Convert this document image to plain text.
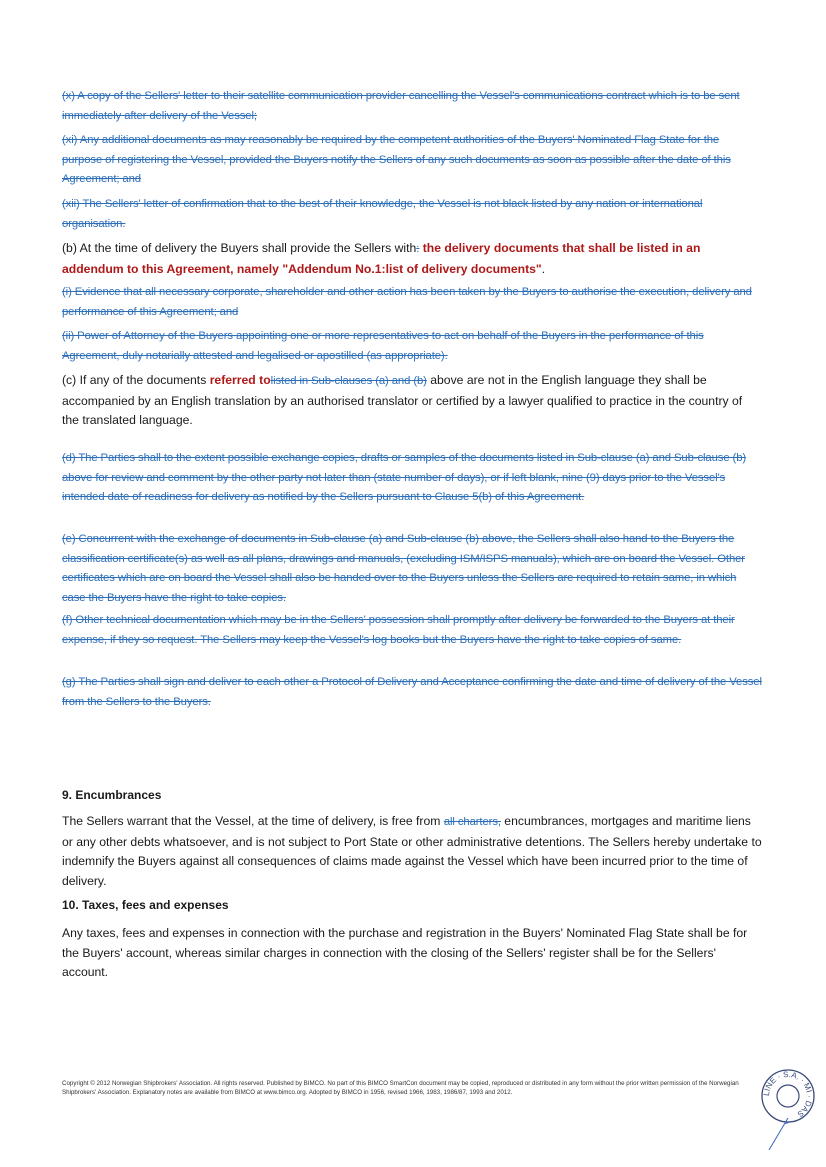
(x) A copy of the Sellers' letter to their satellite communication provider cancelling the Vessel's communications contract which is to be sent immediately after delivery of the Vessel;

(xi) Any additional documents as may reasonably be required by the competent authorities of the Buyers' Nominated Flag State for the purpose of registering the Vessel, provided the Buyers notify the Sellers of any such documents as soon as possible after the date of this Agreement; and

(xii) The Sellers' letter of confirmation that to the best of their knowledge, the Vessel is not black listed by any nation or international organisation.

(b) At the time of delivery the Buyers shall provide the Sellers with: the delivery documents that shall be listed in an addendum to this Agreement, namely "Addendum No.1:list of delivery documents".

(i) Evidence that all necessary corporate, shareholder and other action has been taken by the Buyers to authorise the execution, delivery and performance of this Agreement; and

(ii) Power of Attorney of the Buyers appointing one or more representatives to act on behalf of the Buyers in the performance of this Agreement, duly notarially attested and legalised or apostilled (as appropriate).

(c) If any of the documents referred tolisted in Sub-clauses (a) and (b) above are not in the English language they shall be accompanied by an English translation by an authorised translator or certified by a lawyer qualified to practice in the country of the translated language.

(d) The Parties shall to the extent possible exchange copies, drafts or samples of the documents listed in Sub-clause (a) and Sub-clause (b) above for review and comment by the other party not later than (state number of days), or if left blank, nine (9) days prior to the Vessel's intended date of readiness for delivery as notified by the Sellers pursuant to Clause 5(b) of this Agreement.

(e) Concurrent with the exchange of documents in Sub-clause (a) and Sub-clause (b) above, the Sellers shall also hand to the Buyers the classification certificate(s) as well as all plans, drawings and manuals, (excluding ISM/ISPS manuals), which are on board the Vessel. Other certificates which are on board the Vessel shall also be handed over to the Buyers unless the Sellers are required to retain same, in which case the Buyers have the right to take copies.

(f) Other technical documentation which may be in the Sellers' possession shall promptly after delivery be forwarded to the Buyers at their expense, if they so request. The Sellers may keep the Vessel's log books but the Buyers have the right to take copies of same.

(g) The Parties shall sign and deliver to each other a Protocol of Delivery and Acceptance confirming the date and time of delivery of the Vessel from the Sellers to the Buyers.

9. Encumbrances

The Sellers warrant that the Vessel, at the time of delivery, is free from all charters, encumbrances, mortgages and maritime liens or any other debts whatsoever, and is not subject to Port State or other administrative detentions. The Sellers hereby undertake to indemnify the Buyers against all consequences of claims made against the Vessel which have been incurred prior to the time of delivery.

10. Taxes, fees and expenses

Any taxes, fees and expenses in connection with the purchase and registration in the Buyers' Nominated Flag State shall be for the Buyers' account, whereas similar charges in connection with the closing of the Sellers' register shall be for the Sellers' account.

Copyright © 2012 Norwegian Shipbrokers' Association. All rights reserved. Published by BIMCO. No part of this BIMCO SmartCon document may be copied, reproduced or distributed in any form without the prior written permission of the Norwegian Shipbrokers' Association. Explanatory notes are available from BIMCO at www.bimco.org. Adopted by BIMCO in 1956, revised 1966, 1983, 1986/87, 1993 and 2012.	LINE · S.A. · MI · DAS
